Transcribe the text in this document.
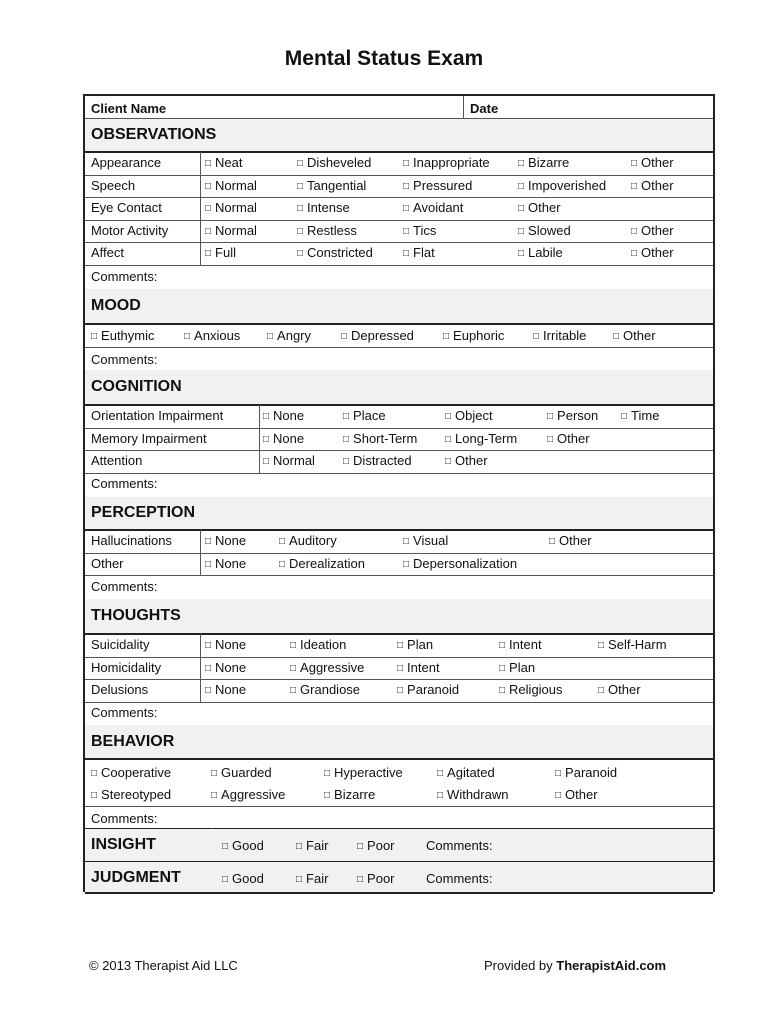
Mental Status Exam
Client Name	Date
OBSERVATIONS
Appearance	□ Neat	□ Disheveled	□ Inappropriate	□ Bizarre	□ Other
Speech	□ Normal	□ Tangential	□ Pressured	□ Impoverished □ Other
Eye Contact	□ Normal	□ Intense	□ Avoidant	□ Other
Motor Activity	□ Normal	□ Restless	□ Tics	□ Slowed	□ Other
Affect	□ Full	□ Constricted	□ Flat	□ Labile	□ Other
Comments:
MOOD
□ Euthymic	□ Anxious	□ Angry	□ Depressed	□ Euphoric	□ Irritable	□ Other
Comments:
COGNITION
Orientation Impairment	□ None	□ Place	□ Object	□ Person □ Time
Memory Impairment	□ None	□ Short-Term	□ Long-Term	□ Other
Attention	□ Normal	□ Distracted	□ Other
Comments:
PERCEPTION
Hallucinations	□ None	□ Auditory	□ Visual	□ Other
Other	□ None	□ Derealization	□ Depersonalization
Comments:
THOUGHTS
Suicidality	□ None	□ Ideation	□ Plan	□ Intent	□ Self-Harm
Homicidality	□ None	□ Aggressive	□ Intent	□ Plan
Delusions	□ None	□ Grandiose	□ Paranoid	□ Religious	□ Other
Comments:
BEHAVIOR
□ Cooperative	□ Guarded	□ Hyperactive	□ Agitated	□ Paranoid
□ Stereotyped	□ Aggressive	□ Bizarre	□ Withdrawn	□ Other
Comments:
INSIGHT	□ Good	□ Fair	□ Poor Comments:
JUDGMENT	□ Good	□ Fair	□ Poor Comments:
© 2013 Therapist Aid LLC	Provided by TherapistAid.com
